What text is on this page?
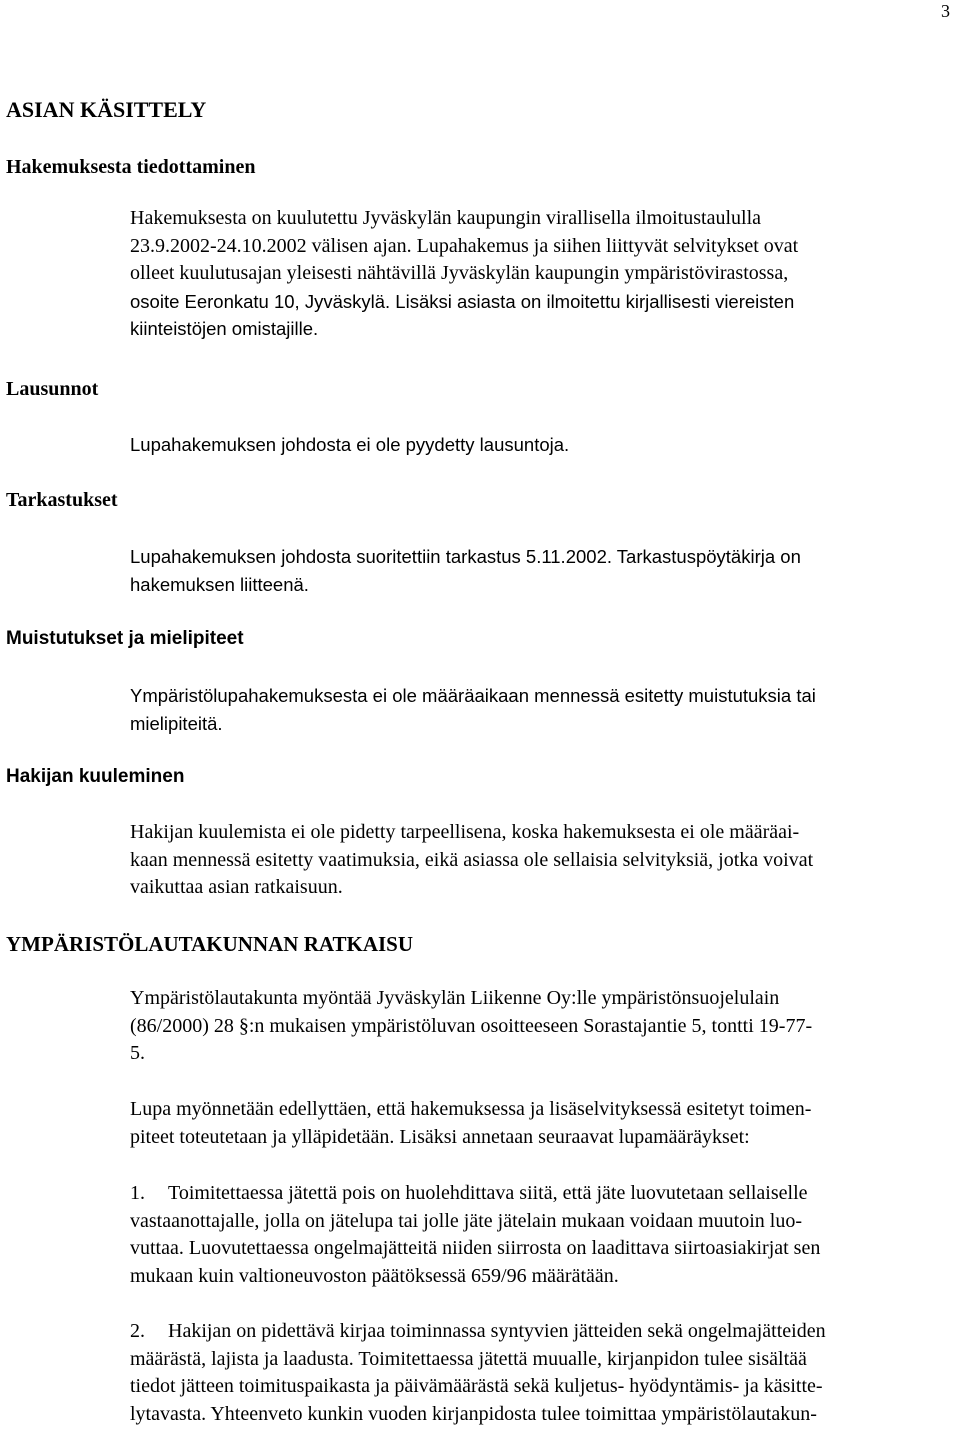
3
ASIAN KÄSITTELY
Hakemuksesta tiedottaminen
Hakemuksesta on kuulutettu Jyväskylän kaupungin virallisella ilmoitustaululla
23.9.2002-24.10.2002 välisen ajan. Lupahakemus ja siihen liittyvät selvitykset ovat
olleet kuulutusajan yleisesti nähtävillä Jyväskylän kaupungin ympäristövirastossa,
osoite Eeronkatu 10, Jyväskylä. Lisäksi asiasta on ilmoitettu kirjallisesti viereisten
kiinteistöjen omistajille.
Lausunnot
Lupahakemuksen johdosta ei ole pyydetty lausuntoja.
Tarkastukset
Lupahakemuksen johdosta suoritettiin tarkastus 5.11.2002. Tarkastuspöytäkirja on
hakemuksen liitteenä.
Muistutukset ja mielipiteet
Ympäristölupahakemuksesta ei ole määräaikaan mennessä esitetty muistutuksia tai
mielipiteitä.
Hakijan kuuleminen
Hakijan kuulemista ei ole pidetty tarpeellisena, koska hakemuksesta ei ole määräai-
kaan mennessä esitetty vaatimuksia, eikä asiassa ole sellaisia selvityksiä, jotka voivat
vaikuttaa asian ratkaisuun.
YMPÄRISTÖLAUTAKUNNAN RATKAISU
Ympäristölautakunta myöntää Jyväskylän Liikenne Oy:lle ympäristönsuojelulain
(86/2000) 28 §:n mukaisen ympäristöluvan osoitteeseen Sorastajantie 5, tontti 19-77-
5.
Lupa myönnetään edellyttäen, että hakemuksessa ja lisäselvityksessä esitetyt toimen-
piteet toteutetaan ja ylläpidetään. Lisäksi annetaan seuraavat lupamääräykset:
1. Toimitettaessa jätettä pois on huolehdittava siitä, että jäte luovutetaan sellaiselle
vastaanottajalle, jolla on jätelupa tai jolle jäte jätelain mukaan voidaan muutoin luo-
vuttaa. Luovutettaessa ongelmajätteitä niiden siirrosta on laadittava siirtoasiakirjat sen
mukaan kuin valtioneuvoston päätöksessä 659/96 määrätään.
2. Hakijan on pidettävä kirjaa toiminnassa syntyvien jätteiden sekä ongelmajätteiden
määrästä, lajista ja laadusta. Toimitettaessa jätettä muualle, kirjanpidon tulee sisältää
tiedot jätteen toimituspaikasta ja päivämäärästä sekä kuljetus- hyödyntämis- ja käsitte-
lytavasta. Yhteenveto kunkin vuoden kirjanpidosta tulee toimittaa ympäristölautakun-
